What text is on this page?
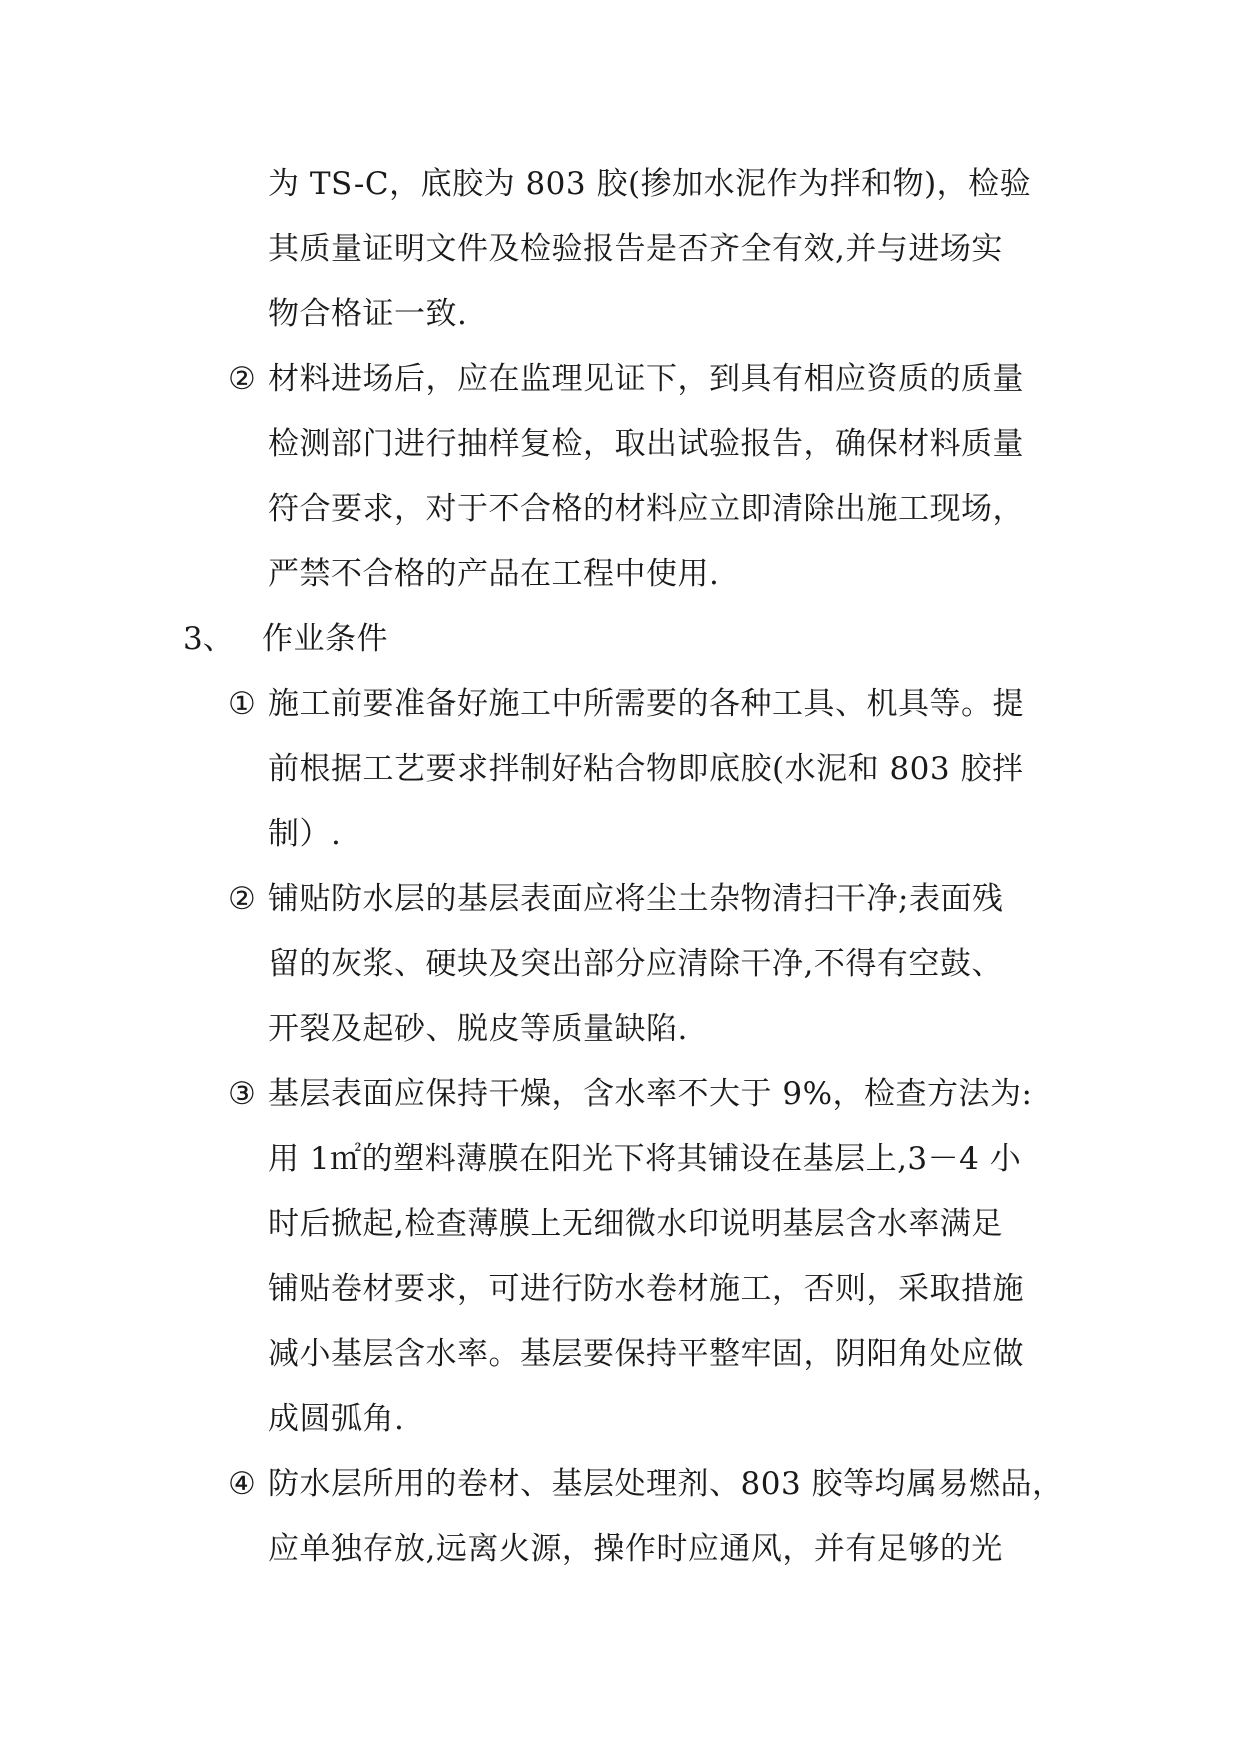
为 TS-C，底胶为 803 胶(掺加水泥作为拌和物)，检验
其质量证明文件及检验报告是否齐全有效,并与进场实
物合格证一致.
② 材料进场后，应在监理见证下，到具有相应资质的质量
检测部门进行抽样复检，取出试验报告，确保材料质量
符合要求，对于不合格的材料应立即清除出施工现场，
严禁不合格的产品在工程中使用.
3、 作业条件
① 施工前要准备好施工中所需要的各种工具、机具等。提
前根据工艺要求拌制好粘合物即底胶(水泥和 803 胶拌
制）.
② 铺贴防水层的基层表面应将尘土杂物清扫干净;表面残
留的灰浆、硬块及突出部分应清除干净,不得有空鼓、
开裂及起砂、脱皮等质量缺陷.
③ 基层表面应保持干燥，含水率不大于 9%，检查方法为:
用 1㎡的塑料薄膜在阳光下将其铺设在基层上,3－4 小
时后掀起,检查薄膜上无细微水印说明基层含水率满足
铺贴卷材要求，可进行防水卷材施工，否则，采取措施
减小基层含水率。基层要保持平整牢固，阴阳角处应做
成圆弧角.
④ 防水层所用的卷材、基层处理剂、803 胶等均属易燃品，
应单独存放,远离火源，操作时应通风，并有足够的光
